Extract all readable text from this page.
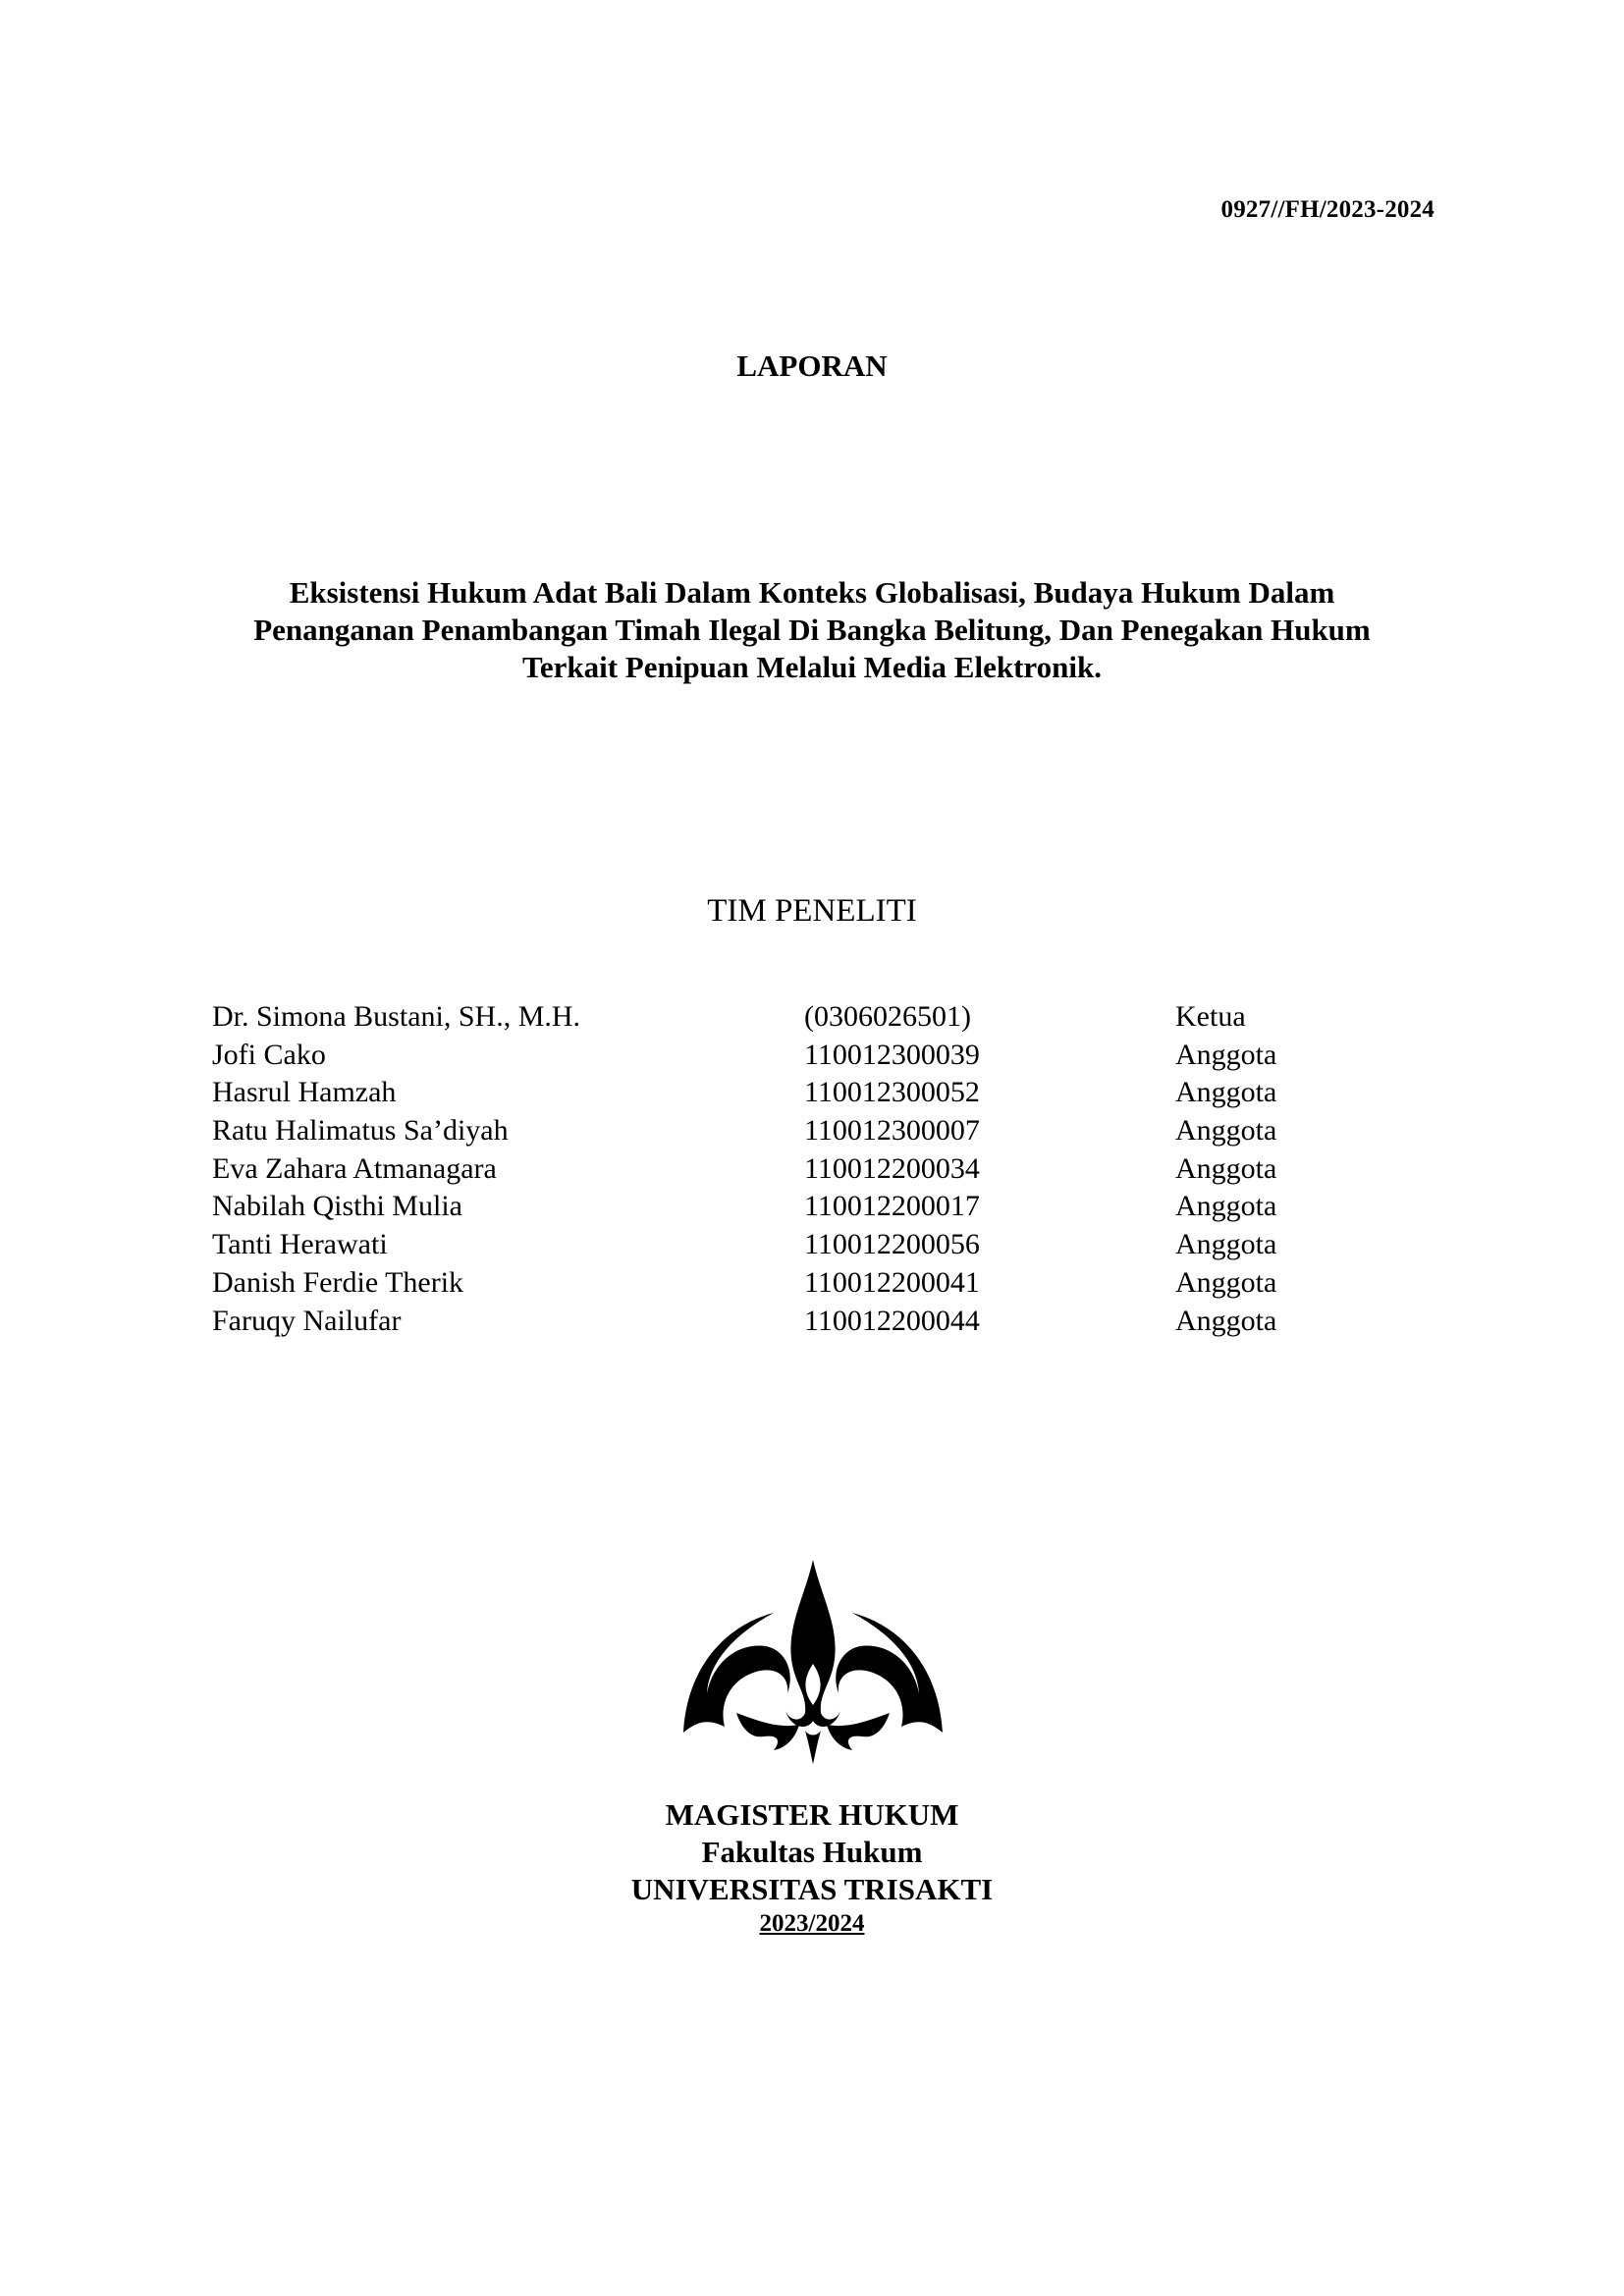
0927//FH/2023-2024
LAPORAN
Eksistensi Hukum Adat Bali Dalam Konteks Globalisasi, Budaya Hukum Dalam
Penanganan Penambangan Timah Ilegal Di Bangka Belitung, Dan Penegakan Hukum
Terkait Penipuan Melalui Media Elektronik.
TIM PENELITI
Dr. Simona Bustani, SH., M.H.	(0306026501)	Ketua
Jofi Cako	110012300039	Anggota
Hasrul Hamzah	110012300052	Anggota
Ratu Halimatus Sa’diyah	110012300007	Anggota
Eva Zahara Atmanagara	110012200034	Anggota
Nabilah Qisthi Mulia	110012200017	Anggota
Tanti Herawati	110012200056	Anggota
Danish Ferdie Therik	110012200041	Anggota
Faruqy Nailufar	110012200044	Anggota
MAGISTER HUKUM
Fakultas Hukum
UNIVERSITAS TRISAKTI
2023/2024
